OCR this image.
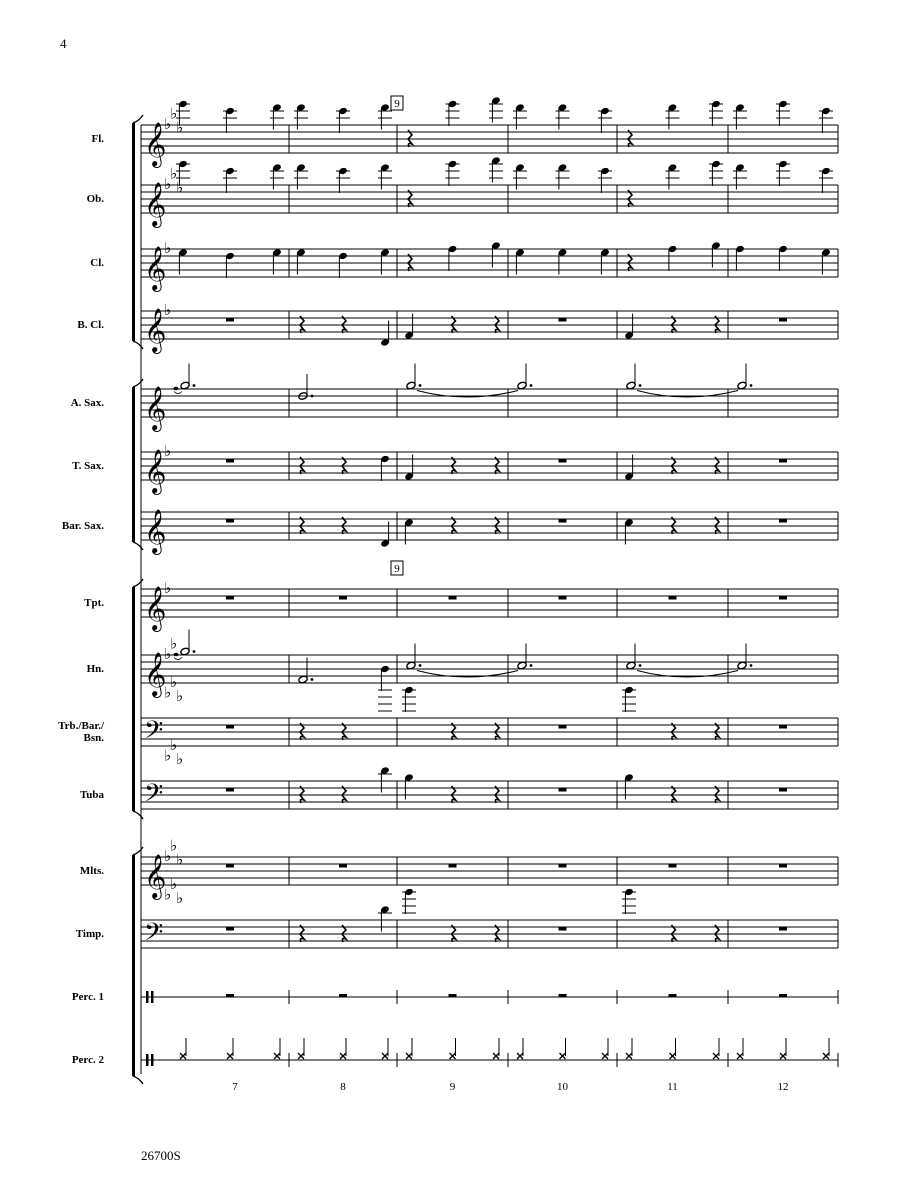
4
𝄞
♭
♭
♭
Fl.
𝄞
♭
♭
♭
Ob.
𝄞
♭
Cl.
𝄞
♭
B. Cl.
𝄞
A. Sax.
𝄞
♭
T. Sax.
𝄞
Bar. Sax.
𝄞
♭
Tpt.
𝄞
♭
♭
Hn.
𝄢
♭
♭
♭
Trb./Bar./
Bsn.
𝄢
♭
♭
♭
Tuba
𝄞
♭
♭
♭
Mlts.
𝄢
♭
♭
♭
Timp.
Perc. 1
Perc. 2
9
9
7	8	9	10	11	12
26700S
